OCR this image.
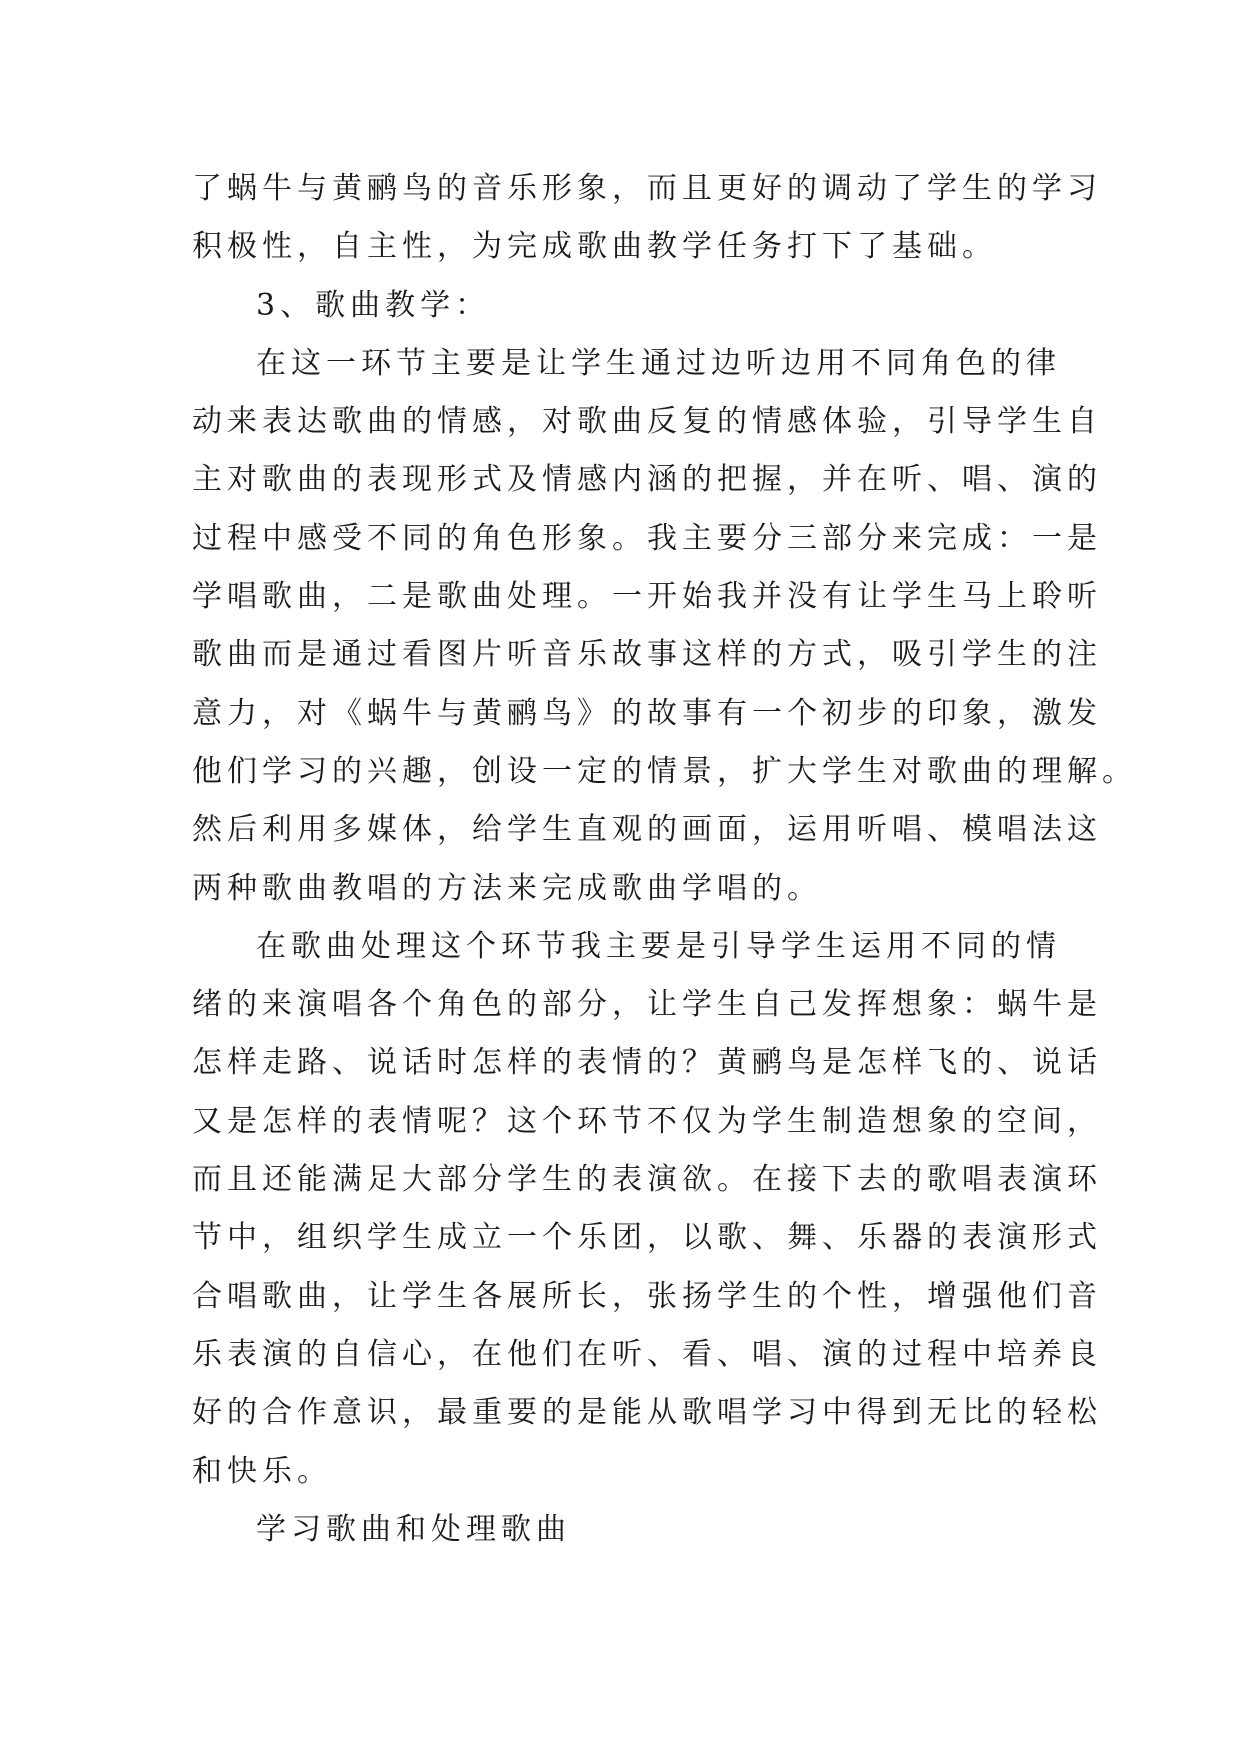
了蜗牛与黄鹂鸟的音乐形象，而且更好的调动了学生的学习
积极性，自主性，为完成歌曲教学任务打下了基础。
3、歌曲教学：
在这一环节主要是让学生通过边听边用不同角色的律
动来表达歌曲的情感，对歌曲反复的情感体验，引导学生自
主对歌曲的表现形式及情感内涵的把握，并在听、唱、演的
过程中感受不同的角色形象。我主要分三部分来完成：一是
学唱歌曲，二是歌曲处理。一开始我并没有让学生马上聆听
歌曲而是通过看图片听音乐故事这样的方式，吸引学生的注
意力，对《蜗牛与黄鹂鸟》的故事有一个初步的印象，激发
他们学习的兴趣，创设一定的情景，扩大学生对歌曲的理解。
然后利用多媒体，给学生直观的画面，运用听唱、模唱法这
两种歌曲教唱的方法来完成歌曲学唱的。
在歌曲处理这个环节我主要是引导学生运用不同的情
绪的来演唱各个角色的部分，让学生自己发挥想象：蜗牛是
怎样走路、说话时怎样的表情的？黄鹂鸟是怎样飞的、说话
又是怎样的表情呢？这个环节不仅为学生制造想象的空间，
而且还能满足大部分学生的表演欲。在接下去的歌唱表演环
节中，组织学生成立一个乐团，以歌、舞、乐器的表演形式
合唱歌曲，让学生各展所长，张扬学生的个性，增强他们音
乐表演的自信心，在他们在听、看、唱、演的过程中培养良
好的合作意识，最重要的是能从歌唱学习中得到无比的轻松
和快乐。
学习歌曲和处理歌曲
